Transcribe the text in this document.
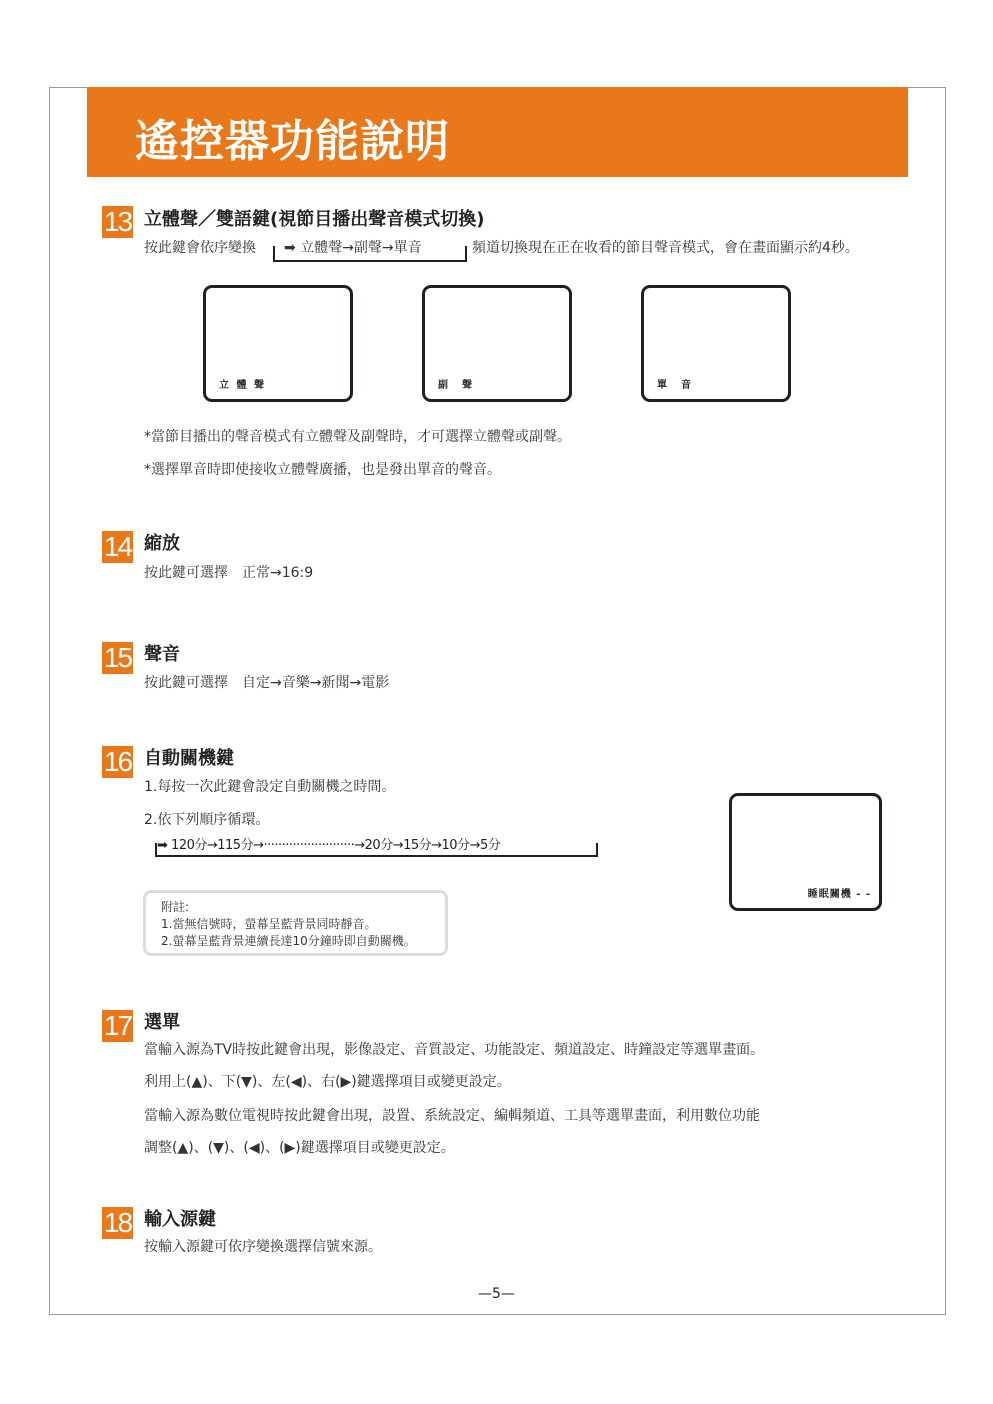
遙控器功能說明
13 立體聲／雙語鍵(視節目播出聲音模式切換)
按此鍵會依序變換 ➡ 立體聲→副聲→單音	頻道切換現在正在收看的節目聲音模式，會在畫面顯示約4秒。
立 體 聲	副　聲	單　音
*當節目播出的聲音模式有立體聲及副聲時，才可選擇立體聲或副聲。
*選擇單音時即使接收立體聲廣播，也是發出單音的聲音。
14 縮放
按此鍵可選擇　正常→16:9
15 聲音
按此鍵可選擇　自定→音樂→新聞→電影
16 自動關機鍵
1.每按一次此鍵會設定自動關機之時間。
2.依下列順序循環。
➡ 120分→115分→·························→20分→15分→10分→5分
附註:
1.當無信號時，螢幕呈藍背景同時靜音。
2.螢幕呈藍背景連續長達10分鐘時即自動關機。
睡眠關機 - -
17 選單
當輸入源為TV時按此鍵會出現，影像設定、音質設定、功能設定、頻道設定、時鐘設定等選單畫面。
利用上(▲)、下(▼)、左(◀)、右(▶)鍵選擇項目或變更設定。
當輸入源為數位電視時按此鍵會出現，設置、系統設定、編輯頻道、工具等選單畫面，利用數位功能
調整(▲)、(▼)、(◀)、(▶)鍵選擇項目或變更設定。
18 輸入源鍵
按輸入源鍵可依序變換選擇信號來源。
—5—
